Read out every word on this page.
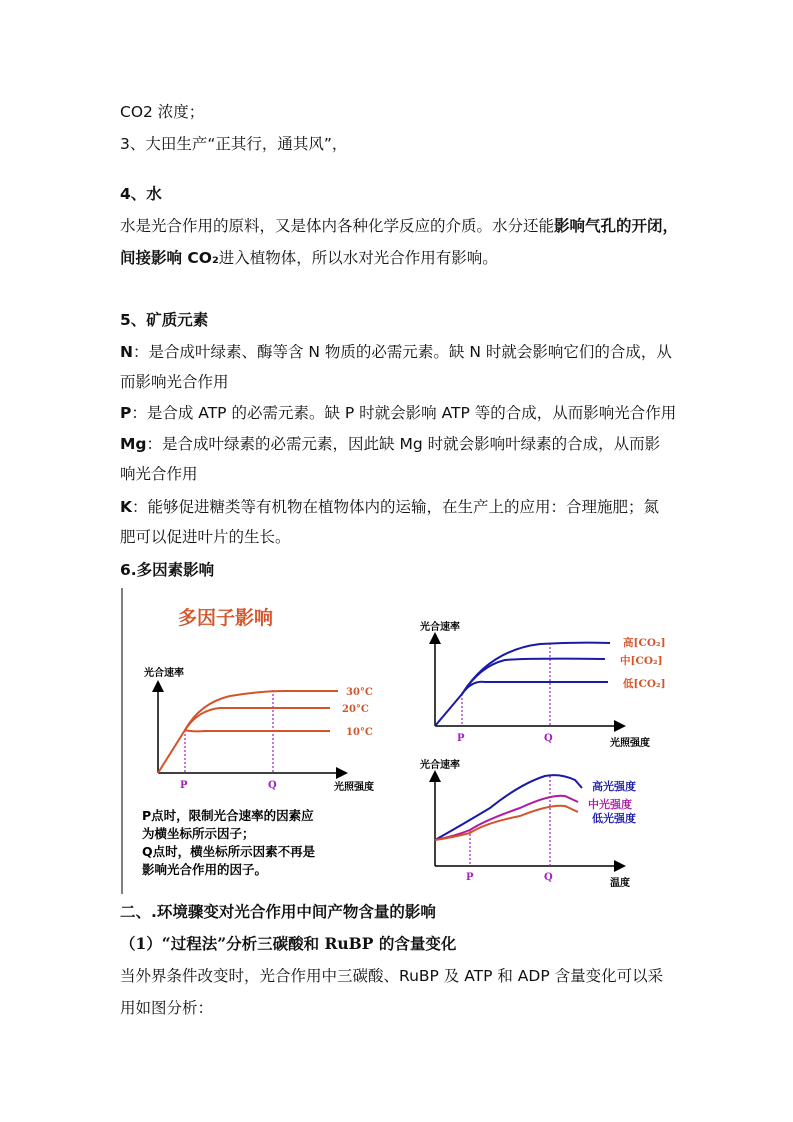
CO2 浓度；
3、大田生产“正其行，通其风”，
4、水
水是光合作用的原料，又是体内各种化学反应的介质。水分还能影响气孔的开闭，
间接影响 CO₂进入植物体，所以水对光合作用有影响。
5、矿质元素
N：是合成叶绿素、酶等含 N 物质的必需元素。缺 N 时就会影响它们的合成，从
而影响光合作用
P：是合成 ATP 的必需元素。缺 P 时就会影响 ATP 等的合成，从而影响光合作用
Mg：是合成叶绿素的必需元素，因此缺 Mg 时就会影响叶绿素的合成，从而影
响光合作用
K：能够促进糖类等有机物在植物体内的运输，在生产上的应用：合理施肥；氮
肥可以促进叶片的生长。
6.多因素影响
多因子影响
光合速率
30°C
20°C
10°C
P	Q	光照强度
P点时，限制光合速率的因素应
为横坐标所示因子；
Q点时，横坐标所示因素不再是
影响光合作用的因子。
光合速率
高[CO₂]
中[CO₂]
低[CO₂]
P	Q	光照强度
光合速率
高光强度
中光强度
低光强度
P	Q
温度
二、.环境骤变对光合作用中间产物含量的影响
（1）“过程法”分析三碳酸和 RuBP 的含量变化
当外界条件改变时，光合作用中三碳酸、RuBP 及 ATP 和 ADP 含量变化可以采
用如图分析：
